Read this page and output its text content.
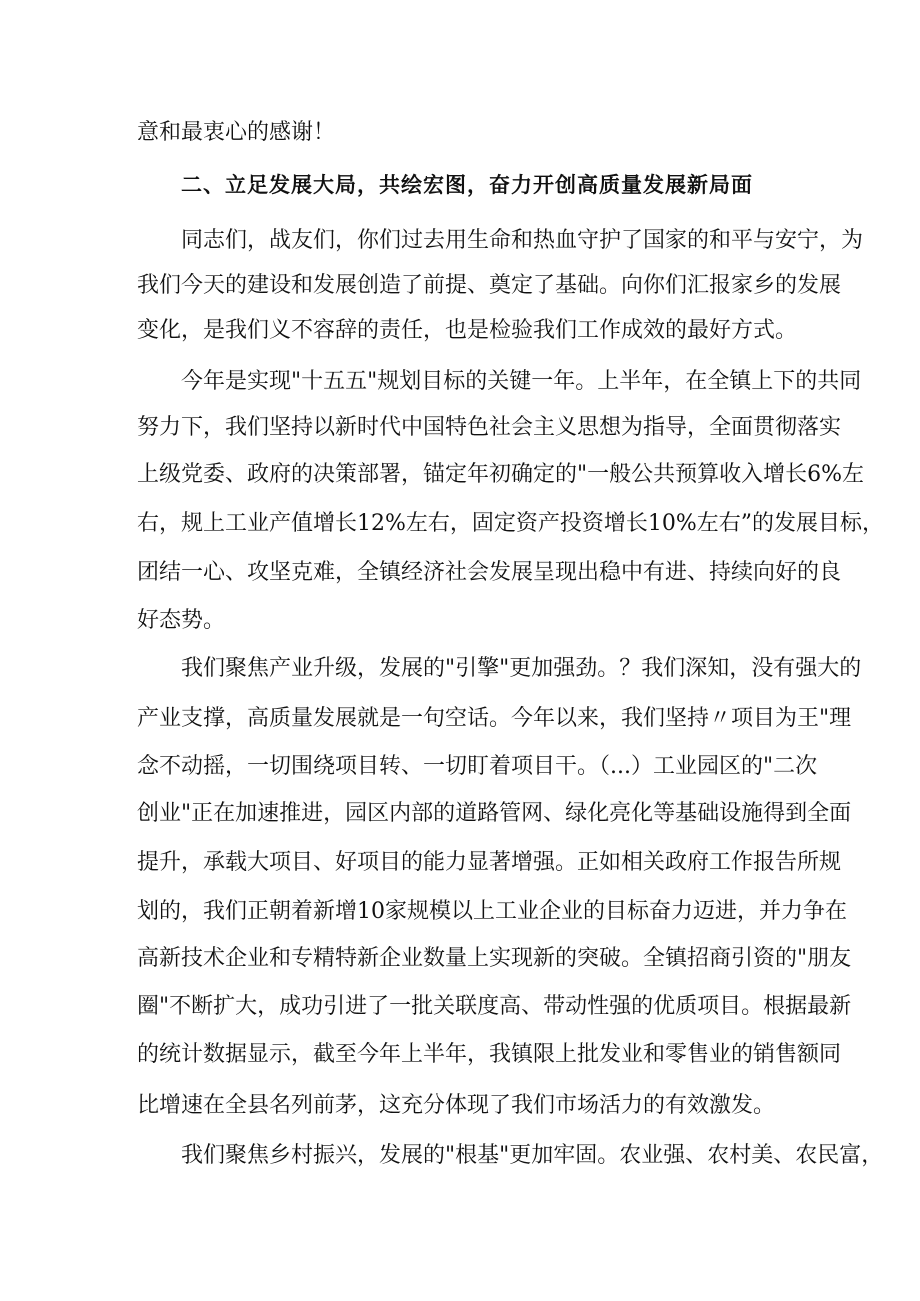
意和最衷心的感谢！
二、立足发展大局，共绘宏图，奋力开创高质量发展新局面
同志们，战友们，你们过去用生命和热血守护了国家的和平与安宁，为
我们今天的建设和发展创造了前提、奠定了基础。向你们汇报家乡的发展
变化，是我们义不容辞的责任，也是检验我们工作成效的最好方式。
今年是实现"十五五"规划目标的关键一年。上半年，在全镇上下的共同
努力下，我们坚持以新时代中国特色社会主义思想为指导，全面贯彻落实
上级党委、政府的决策部署，锚定年初确定的"一般公共预算收入增长6%左
右，规上工业产值增长12%左右，固定资产投资增长10%左右”的发展目标，
团结一心、攻坚克难，全镇经济社会发展呈现出稳中有进、持续向好的良
好态势。
我们聚焦产业升级，发展的"引擎"更加强劲。？我们深知，没有强大的
产业支撑，高质量发展就是一句空话。今年以来，我们坚持〃项目为王"理
念不动摇，一切围绕项目转、一切盯着项目干。（...）工业园区的"二次
创业"正在加速推进，园区内部的道路管网、绿化亮化等基础设施得到全面
提升，承载大项目、好项目的能力显著增强。正如相关政府工作报告所规
划的，我们正朝着新增10家规模以上工业企业的目标奋力迈进，并力争在
高新技术企业和专精特新企业数量上实现新的突破。全镇招商引资的"朋友
圈"不断扩大，成功引进了一批关联度高、带动性强的优质项目。根据最新
的统计数据显示，截至今年上半年，我镇限上批发业和零售业的销售额同
比增速在全县名列前茅，这充分体现了我们市场活力的有效激发。
我们聚焦乡村振兴，发展的"根基"更加牢固。农业强、农村美、农民富，
